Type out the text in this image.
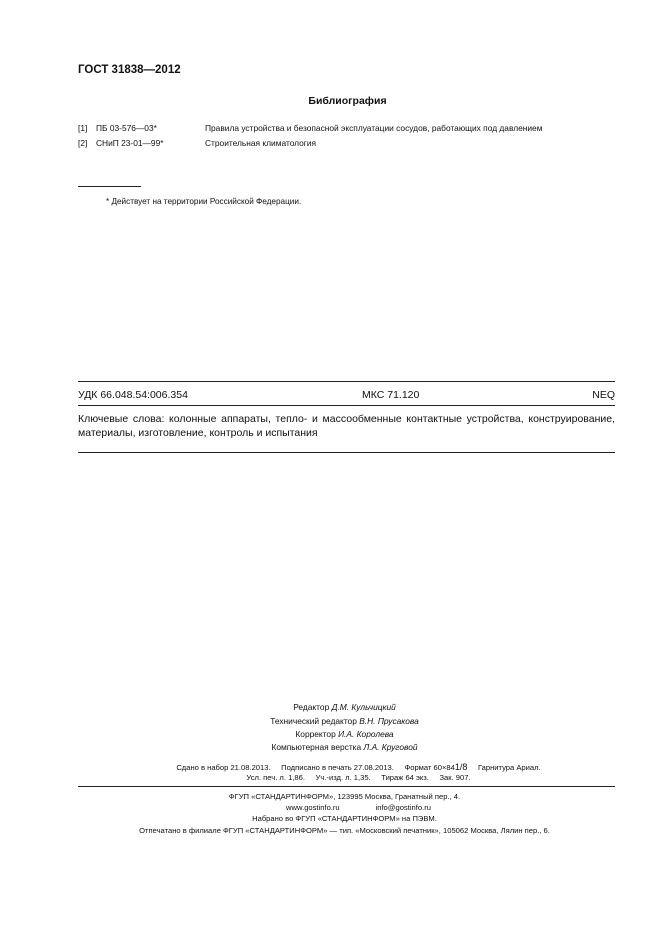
ГОСТ 31838—2012
Библиография
[1] ПБ 03-576—03*	Правила устройства и безопасной эксплуатации сосудов, работающих под давлением
[2] СНиП 23-01—99*	Строительная климатология
* Действует на территории Российской Федерации.
УДК 66.048.54:006.354	МКС 71.120	NEQ
Ключевые слова: колонные аппараты, тепло- и массообменные контактные устройства, конструирование, материалы, изготовление, контроль и испытания
Редактор Д.М. Кульчицкий
Технический редактор В.Н. Прусакова
Корректор И.А. Королева
Компьютерная верстка Л.А. Круговой
Сдано в набор 21.08.2013. Подписано в печать 27.08.2013. Формат 60×841/8 Гарнитура Ариал.
Усл. печ. л. 1,86. Уч.-изд. л. 1,35. Тираж 64 экз. Зак. 907.
ФГУП «СТАНДАРТИНФОРМ», 123995 Москва, Гранатный пер., 4.
www.gostinfo.ru	info@gostinfo.ru
Набрано во ФГУП «СТАНДАРТИНФОРМ» на ПЭВМ.
Отпечатано в филиале ФГУП «СТАНДАРТИНФОРМ» — тип. «Московский печатник», 105062 Москва, Лялин пер., 6.
